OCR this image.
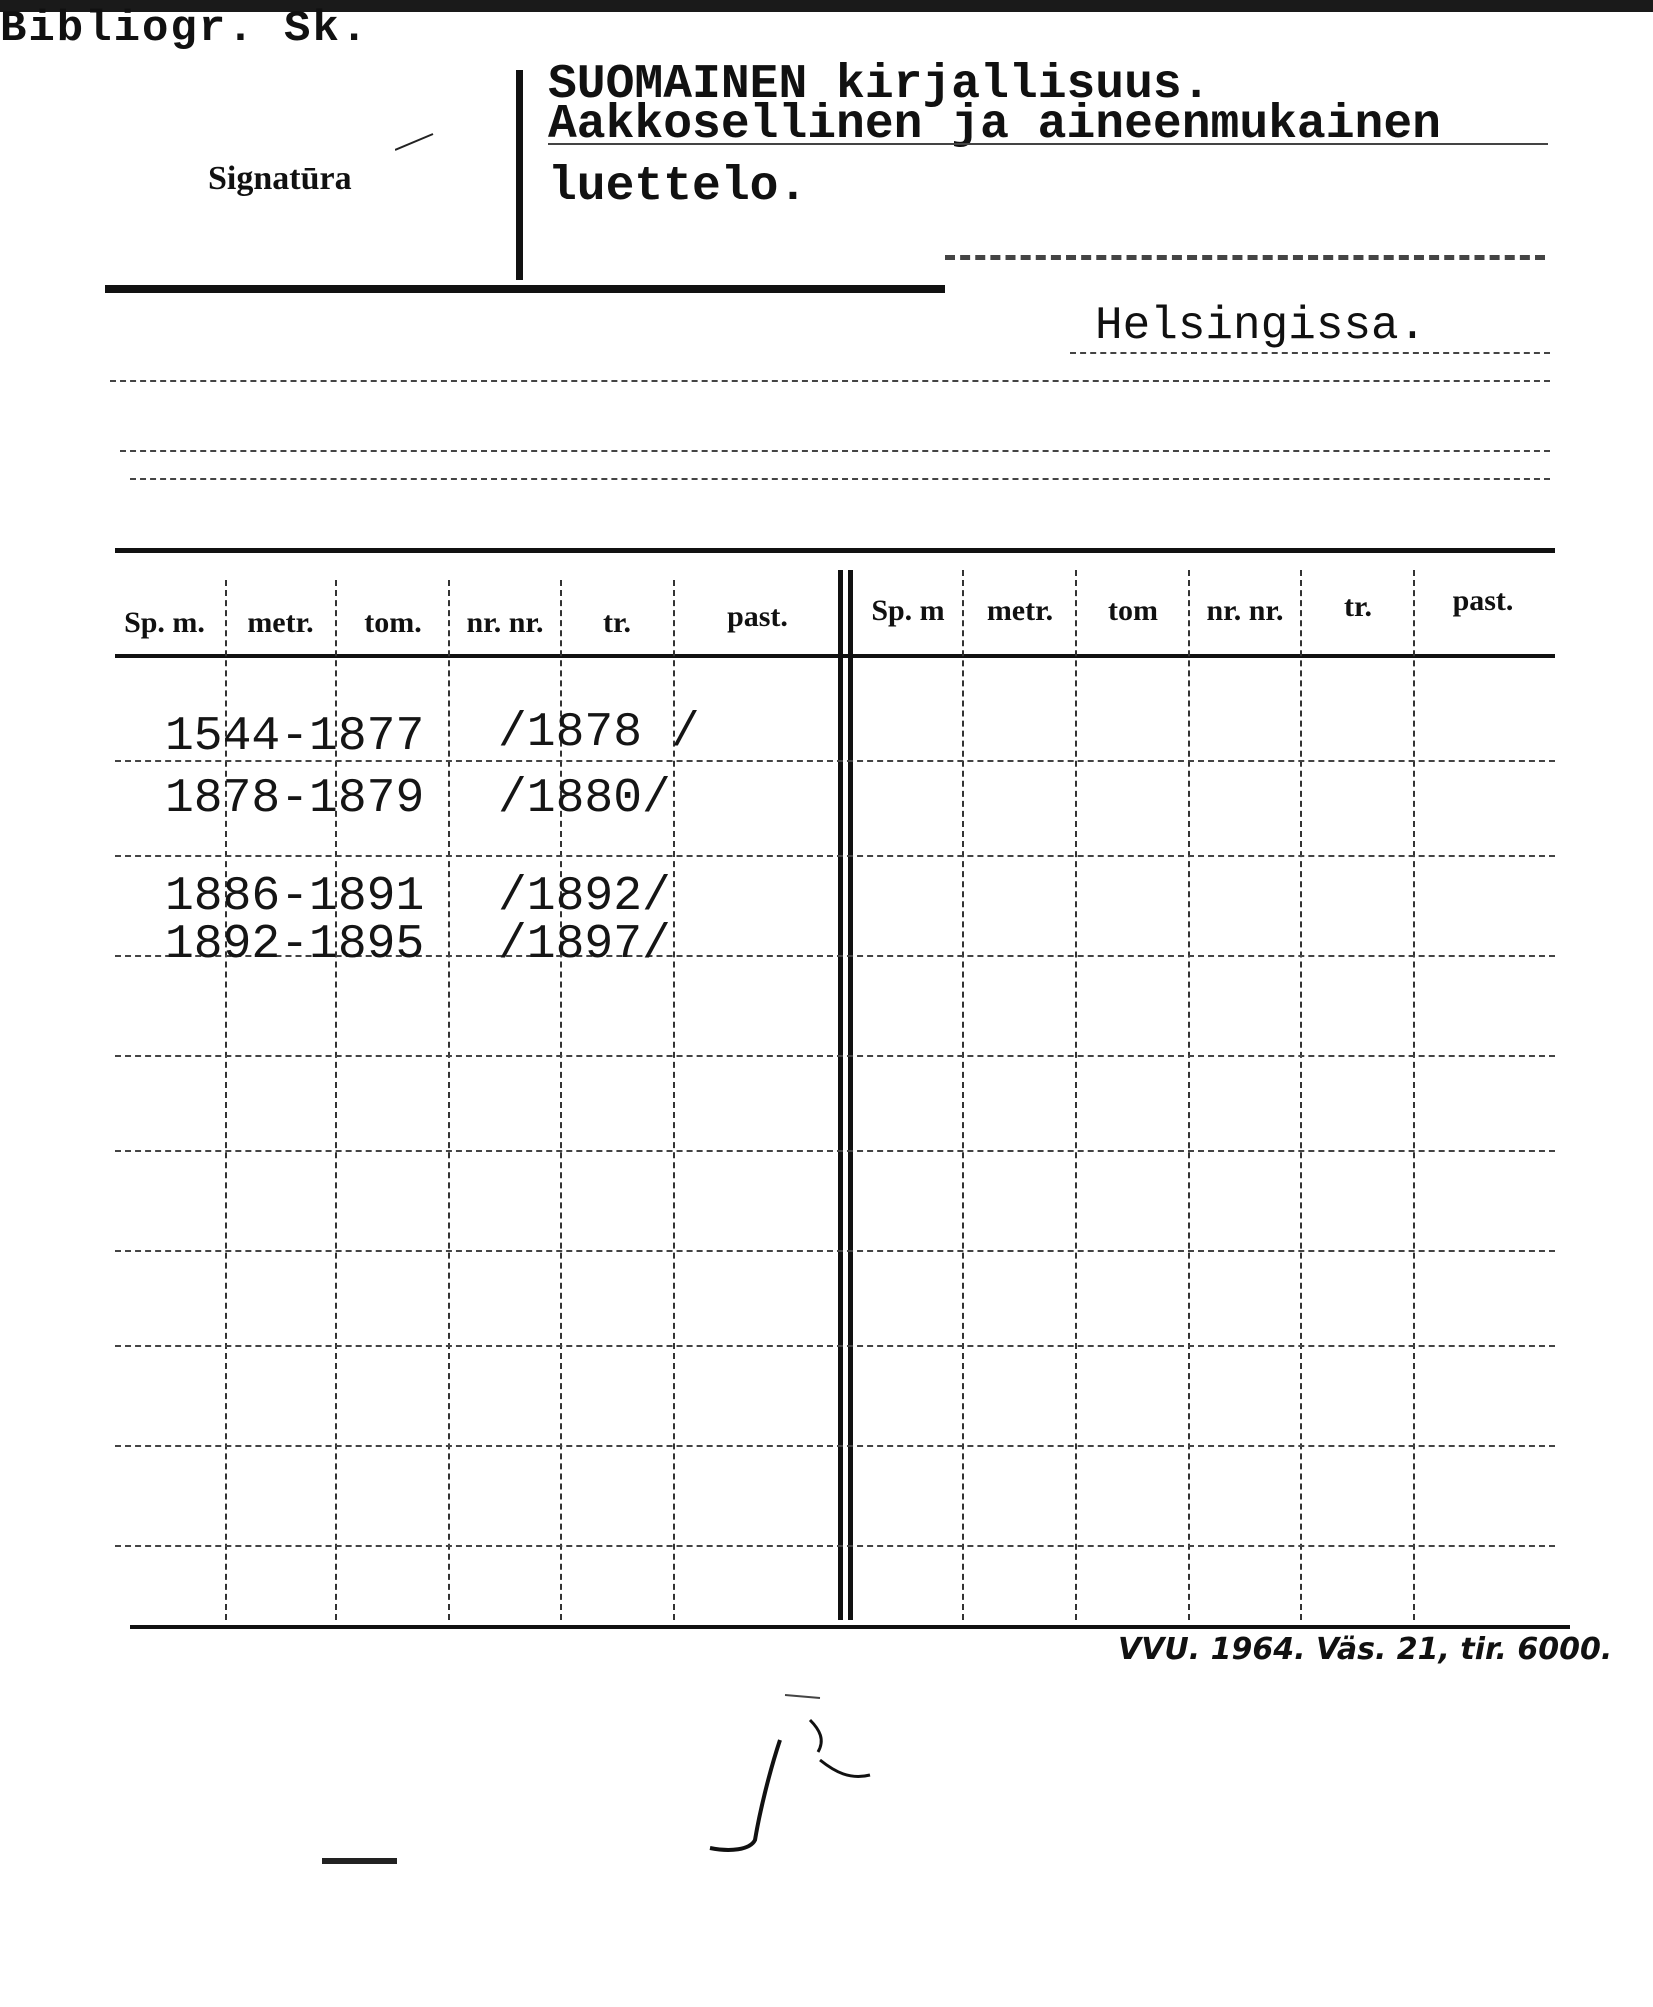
Bibliogr. Sk.
Signatūra
SUOMAINEN kirjallisuus.
Aakkosellinen ja aineenmukainen
luettelo.
Helsingissa.
Sp. m.	metr.	tom.	nr. nr.	tr.	past.	Sp. m	metr.	tom	nr. nr.	tr.	past.
1544-1877 /1878 /
1878-1879 /1880/
1886-1891 /1892/
1892-1895 /1897/
VVU. 1964. Väs. 21, tir. 6000.
